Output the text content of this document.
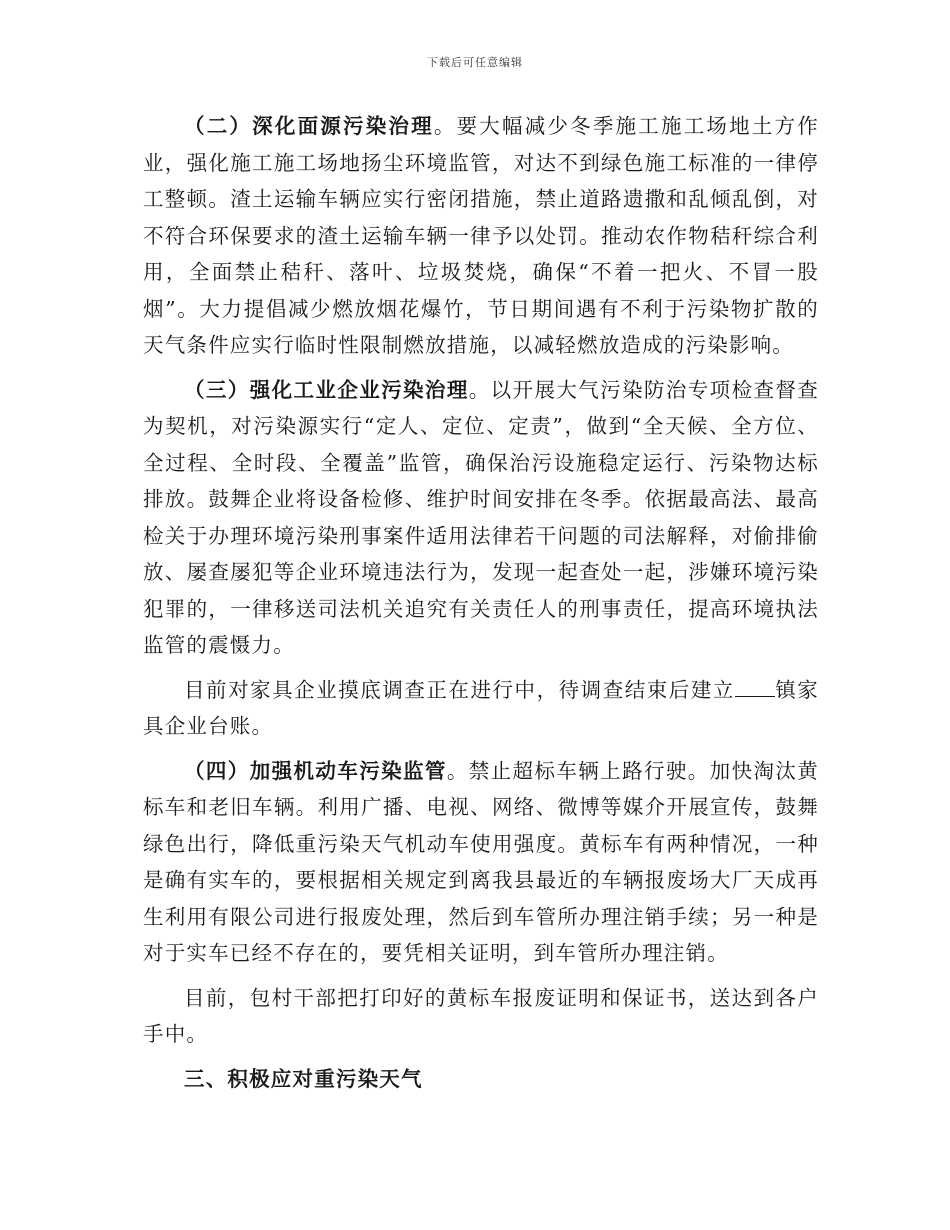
下载后可任意编辑

（二）深化面源污染治理。要大幅减少冬季施工施工场地土方作业，强化施工施工场地扬尘环境监管，对达不到绿色施工标准的一律停工整顿。渣土运输车辆应实行密闭措施，禁止道路遗撒和乱倾乱倒，对不符合环保要求的渣土运输车辆一律予以处罚。推动农作物秸秆综合利用，全面禁止秸秆、落叶、垃圾焚烧，确保“不着一把火、不冒一股烟”。大力提倡减少燃放烟花爆竹，节日期间遇有不利于污染物扩散的天气条件应实行临时性限制燃放措施，以减轻燃放造成的污染影响。

（三）强化工业企业污染治理。以开展大气污染防治专项检查督查为契机，对污染源实行“定人、定位、定责”，做到“全天候、全方位、全过程、全时段、全覆盖”监管，确保治污设施稳定运行、污染物达标排放。鼓舞企业将设备检修、维护时间安排在冬季。依据最高法、最高检关于办理环境污染刑事案件适用法律若干问题的司法解释，对偷排偷放、屡查屡犯等企业环境违法行为，发现一起查处一起，涉嫌环境污染犯罪的，一律移送司法机关追究有关责任人的刑事责任，提高环境执法监管的震慑力。

目前对家具企业摸底调查正在进行中，待调查结束后建立 镇家具企业台账。

（四）加强机动车污染监管。禁止超标车辆上路行驶。加快淘汰黄标车和老旧车辆。利用广播、电视、网络、微博等媒介开展宣传，鼓舞绿色出行，降低重污染天气机动车使用强度。黄标车有两种情况，一种是确有实车的，要根据相关规定到离我县最近的车辆报废场大厂天成再生利用有限公司进行报废处理，然后到车管所办理注销手续；另一种是对于实车已经不存在的，要凭相关证明，到车管所办理注销。

目前，包村干部把打印好的黄标车报废证明和保证书，送达到各户手中。

三、积极应对重污染天气
